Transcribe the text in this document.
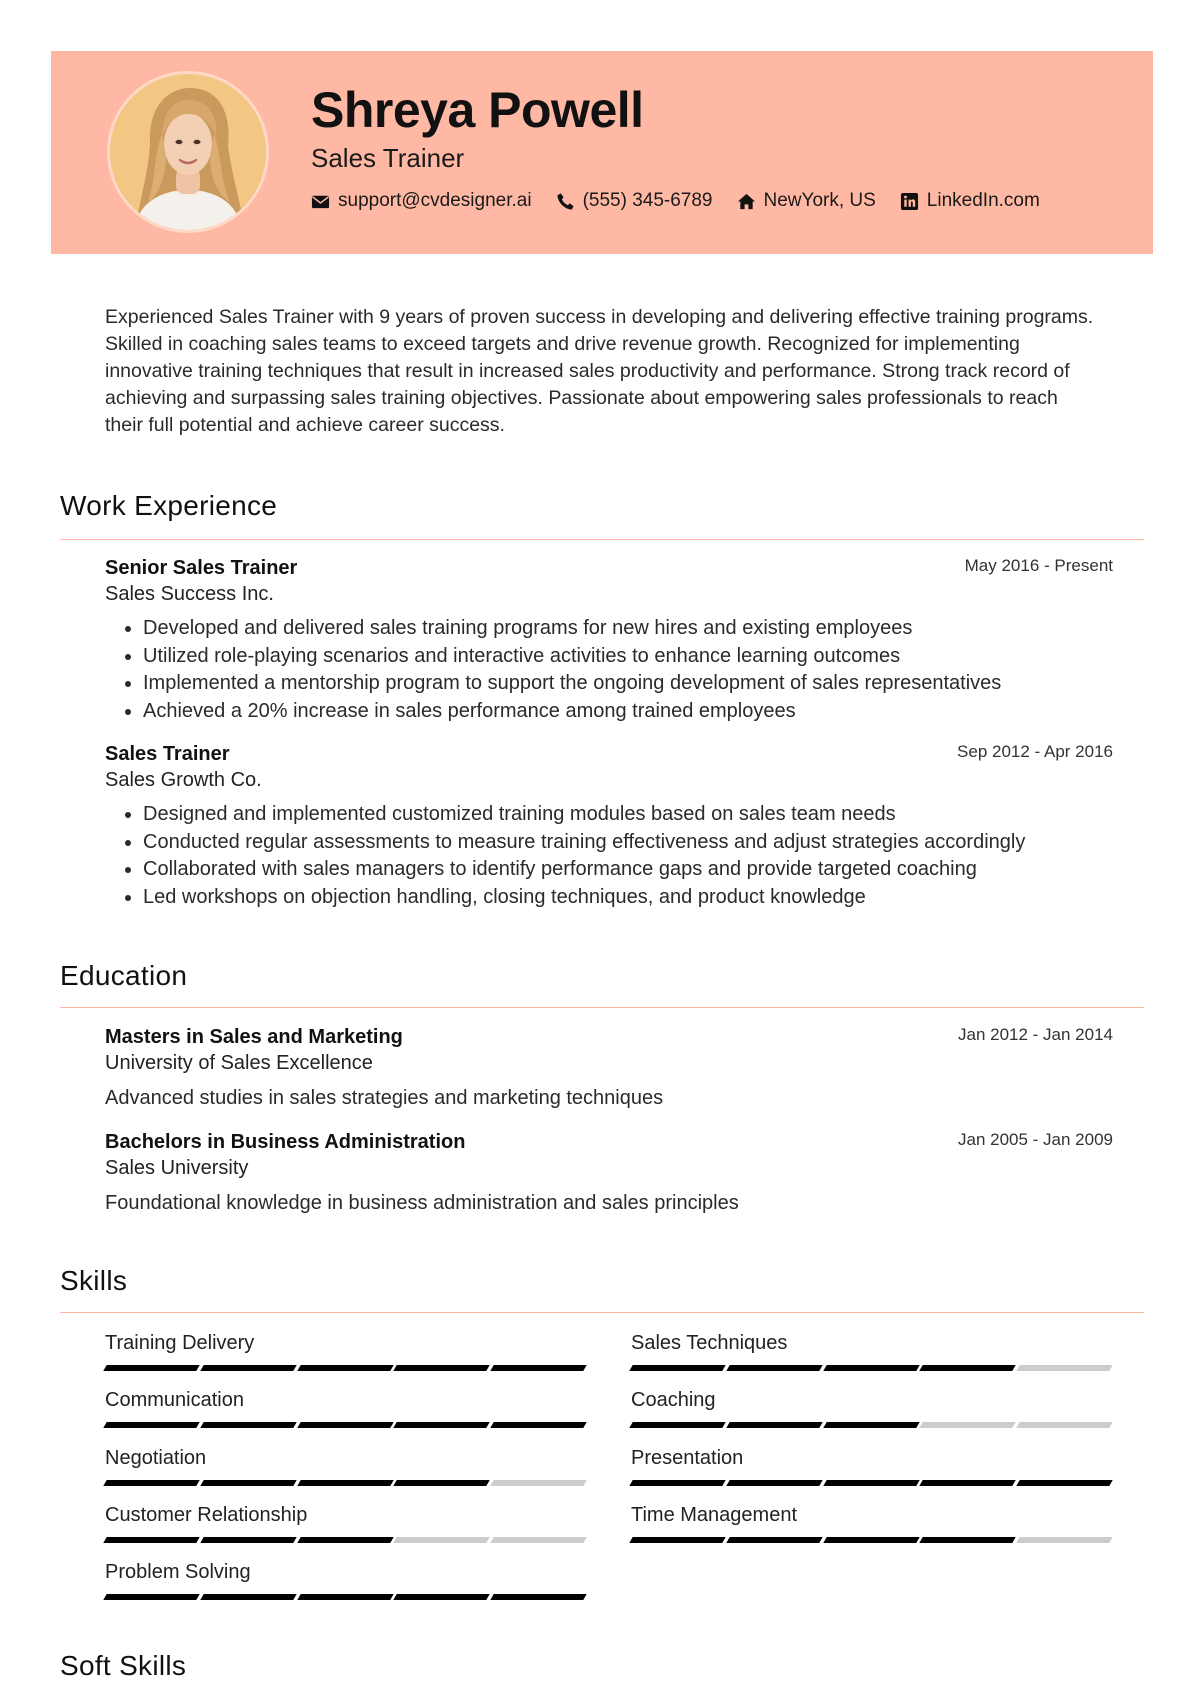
Shreya Powell
Sales Trainer
support@cvdesigner.ai	(555) 345-6789	NewYork, US	LinkedIn.com

Experienced Sales Trainer with 9 years of proven success in developing and delivering effective training programs. Skilled in coaching sales teams to exceed targets and drive revenue growth. Recognized for implementing innovative training techniques that result in increased sales productivity and performance. Strong track record of achieving and surpassing sales training objectives. Passionate about empowering sales professionals to reach their full potential and achieve career success.

Work Experience
Senior Sales Trainer	May 2016 - Present
Sales Success Inc.
• Developed and delivered sales training programs for new hires and existing employees
• Utilized role-playing scenarios and interactive activities to enhance learning outcomes
• Implemented a mentorship program to support the ongoing development of sales representatives
• Achieved a 20% increase in sales performance among trained employees
Sales Trainer	Sep 2012 - Apr 2016
Sales Growth Co.
• Designed and implemented customized training modules based on sales team needs
• Conducted regular assessments to measure training effectiveness and adjust strategies accordingly
• Collaborated with sales managers to identify performance gaps and provide targeted coaching
• Led workshops on objection handling, closing techniques, and product knowledge
Education
Masters in Sales and Marketing	Jan 2012 - Jan 2014
University of Sales Excellence
Advanced studies in sales strategies and marketing techniques
Bachelors in Business Administration	Jan 2005 - Jan 2009
Sales University
Foundational knowledge in business administration and sales principles
Skills
Training Delivery	Sales Techniques
Communication	Coaching
Negotiation	Presentation
Customer Relationship	Time Management
Problem Solving
Soft Skills
